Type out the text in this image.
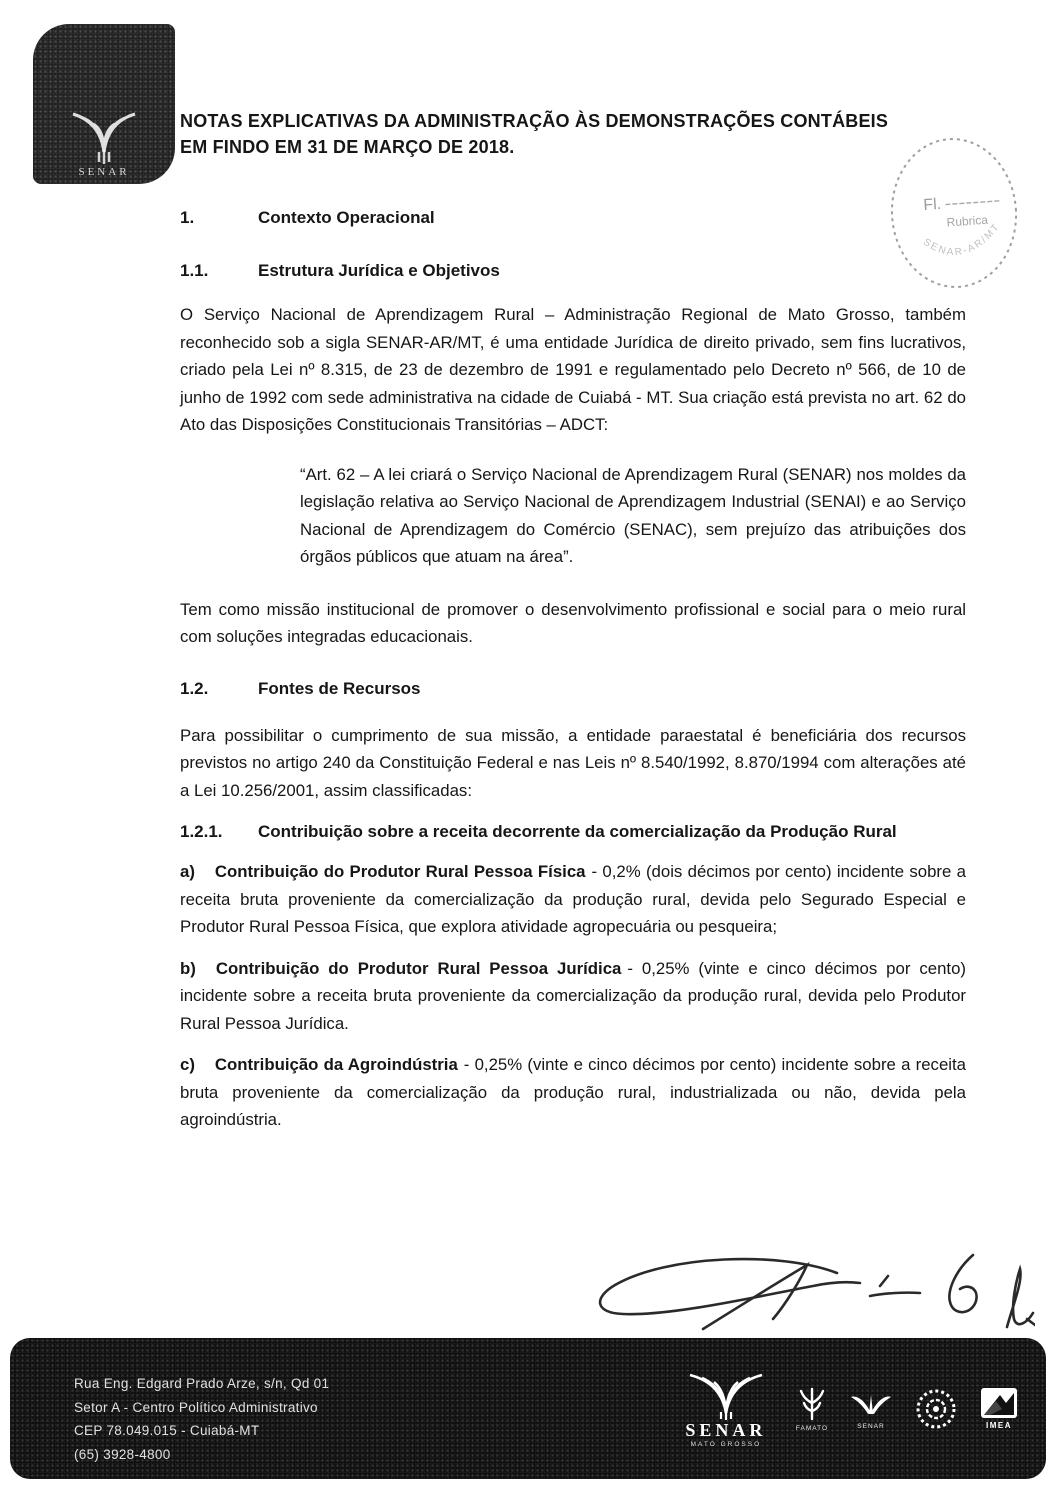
SENAR
Fl.
Rubrica
SENAR-AR/MT
NOTAS EXPLICATIVAS DA ADMINISTRAÇÃO ÀS DEMONSTRAÇÕES CONTÁBEIS
EM FINDO EM 31 DE MARÇO DE 2018.
1.	Contexto Operacional
1.1.	Estrutura Jurídica e Objetivos

O Serviço Nacional de Aprendizagem Rural – Administração Regional de Mato Grosso, também reconhecido sob a sigla SENAR-AR/MT, é uma entidade Jurídica de direito privado, sem fins lucrativos, criado pela Lei nº 8.315, de 23 de dezembro de 1991 e regulamentado pelo Decreto nº 566, de 10 de junho de 1992 com sede administrativa na cidade de Cuiabá - MT. Sua criação está prevista no art. 62 do Ato das Disposições Constitucionais Transitórias – ADCT:

“Art. 62 – A lei criará o Serviço Nacional de Aprendizagem Rural (SENAR) nos moldes da legislação relativa ao Serviço Nacional de Aprendizagem Industrial (SENAI) e ao Serviço Nacional de Aprendizagem do Comércio (SENAC), sem prejuízo das atribuições dos órgãos públicos que atuam na área”.

Tem como missão institucional de promover o desenvolvimento profissional e social para o meio rural com soluções integradas educacionais.

1.2.	Fontes de Recursos

Para possibilitar o cumprimento de sua missão, a entidade paraestatal é beneficiária dos recursos previstos no artigo 240 da Constituição Federal e nas Leis nº 8.540/1992, 8.870/1994 com alterações até a Lei 10.256/2001, assim classificadas:

1.2.1.	Contribuição sobre a receita decorrente da comercialização da Produção Rural

a) Contribuição do Produtor Rural Pessoa Física - 0,2% (dois décimos por cento) incidente sobre a receita bruta proveniente da comercialização da produção rural, devida pelo Segurado Especial e Produtor Rural Pessoa Física, que explora atividade agropecuária ou pesqueira;

b) Contribuição do Produtor Rural Pessoa Jurídica - 0,25% (vinte e cinco décimos por cento) incidente sobre a receita bruta proveniente da comercialização da produção rural, devida pelo Produtor Rural Pessoa Jurídica.

c) Contribuição da Agroindústria - 0,25% (vinte e cinco décimos por cento) incidente sobre a receita bruta proveniente da comercialização da produção rural, industrializada ou não, devida pela agroindústria.

Rua Eng. Edgard Prado Arze, s/n, Qd 01
Setor A - Centro Político Administrativo
CEP 78.049.015 - Cuiabá-MT
(65) 3928-4800
SENAR
MATO GROSSO
FAMATO	SENAR	IMEA
